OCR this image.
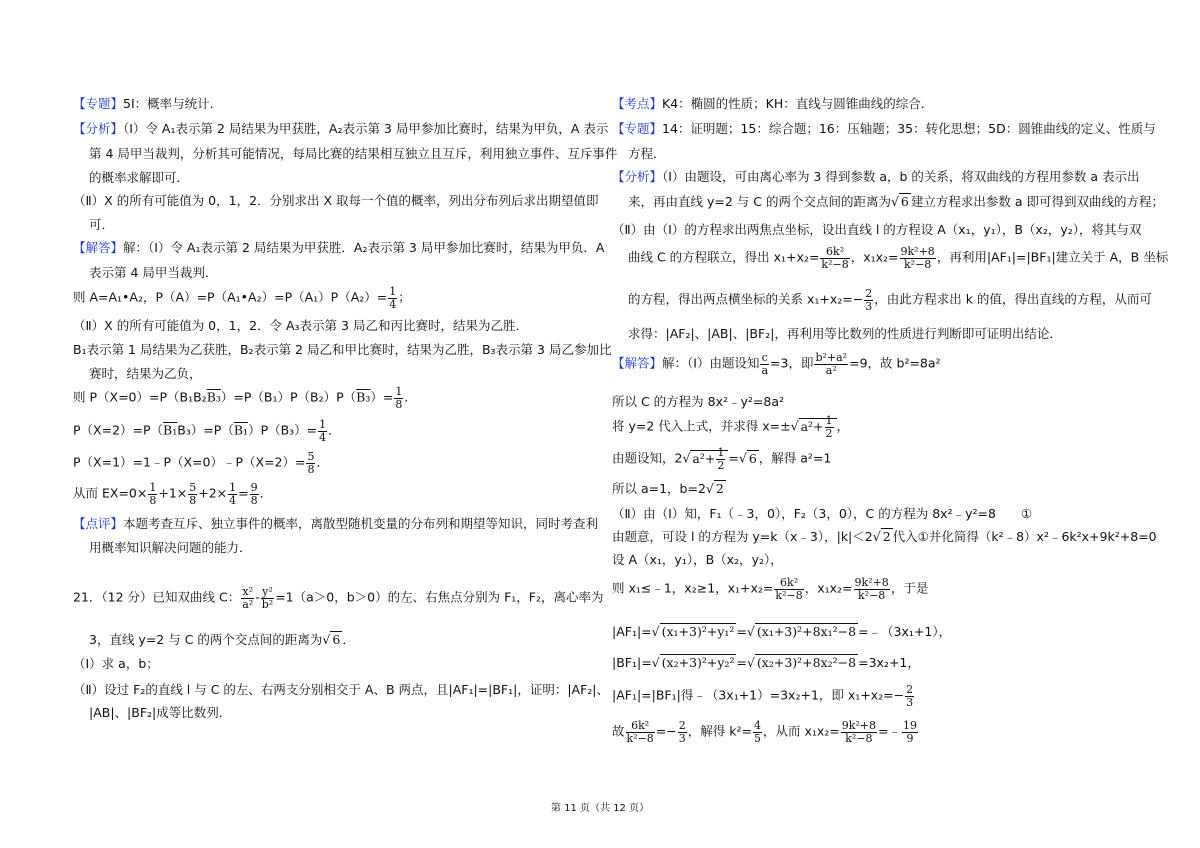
【专题】5I：概率与统计．
【分析】（Ⅰ）令 A₁表示第 2 局结果为甲获胜，A₂表示第 3 局甲参加比赛时，结果为甲负，A 表示
第 4 局甲当裁判，分析其可能情况，每局比赛的结果相互独立且互斥，利用独立事件、互斥事件
的概率求解即可．
（Ⅱ）X 的所有可能值为 0，1，2．分别求出 X 取每一个值的概率，列出分布列后求出期望值即
可．
【解答】解：（Ⅰ）令 A₁表示第 2 局结果为甲获胜．A₂表示第 3 局甲参加比赛时，结果为甲负．A
表示第 4 局甲当裁判．
则 A=A₁•A₂，P（A）=P（A₁•A₂）=P（A₁）P（A₂）= $\frac{1}{4}$ ；
（Ⅱ）X 的所有可能值为 0，1，2．令 A₃表示第 3 局乙和丙比赛时，结果为乙胜．
B₁表示第 1 局结果为乙获胜，B₂表示第 2 局乙和甲比赛时，结果为乙胜，B₃表示第 3 局乙参加比
赛时，结果为乙负，
则 $P(X=0)=P(B_1B_2B_3)=P(B_1)P(B_2)P(B_3)= \frac{1}{8}$ ．
$P(X=2)=P(B_1B_3)=P(B_1)P(B_3)= \frac{1}{4}$ ．
P（X=1）=1﹣P（X=0）﹣P（X=2）= $\frac{5}{8}$ ．
从而 $EX=0\times \frac{1}{8} +1\times \frac{5}{8} +2\times \frac{1}{4} = \frac{9}{8}$ ．
【点评】本题考查互斥、独立事件的概率，离散型随机变量的分布列和期望等知识，同时考查利
用概率知识解决问题的能力．
21．（12 分）已知双曲线 C： $\frac{\text{x²}}{\text{a²}} - \frac{\text{y²}}{\text{b²}} =1(a>0$，b＞0）的左、右焦点分别为 F₁，F₂，离心率为
3，直线 y=2 与 C 的两个交点间的距离为√ 6 ．
（Ⅰ）求 a，b；
（Ⅱ）设过 F₂的直线 l 与 C 的左、右两支分别相交于 A、B 两点，且|AF₁|=|BF₁|，证明：|AF₂|、
|AB|、|BF₂|成等比数列．
【考点】K4：椭圆的性质；KH：直线与圆锥曲线的综合．
【专题】14：证明题；15：综合题；16：压轴题；35：转化思想；5D：圆锥曲线的定义、性质与
方程．
【分析】（Ⅰ）由题设，可由离心率为 3 得到参数 a，b 的关系，将双曲线的方程用参数 a 表示出
来，再由直线 y=2 与 C 的两个交点间的距离为√ 6 建立方程求出参数 a 即可得到双曲线的方程；
（Ⅱ）由（Ⅰ）的方程求出两焦点坐标，设出直线 l 的方程设 A（x₁，y₁），B（x₂，y₂），将其与双
曲线 C 的方程联立，得出 $x_1+x_2= \frac{\text{6k²}}{\text{k²−8}}$ ，$x_1x_2= \frac{\text{9k²+8}}{\text{k²−8}}$ ，再利用|AF₁|=|BF₁|建立关于 A，B 坐标
的方程，得出两点横坐标的关系 $x_1+x_2=- \frac{2}{3}$ ，由此方程求出 k 的值，得出直线的方程，从而可
求得：|AF₂|、|AB|、|BF₂|，再利用等比数列的性质进行判断即可证明出结论．
【解答】解：（Ⅰ）由题设知 $\frac{c}{a} =3$，即 $\frac{\text{b²+a²}}{\text{a²}} =9$，故 b²=8a²
所以 C 的方程为 8x²﹣y²=8a²
将 y=2 代入上式，并求得 x=±√ $a^2+ \frac{1}{2}$ ，
由题设知，2√ $a^2+ \frac{1}{2}$ =√ 6 ，解得 a²=1
所以 a=1，b=2√ 2
（Ⅱ）由（Ⅰ）知，F₁（﹣3，0），F₂（3，0），C 的方程为 8x²﹣y²=8　　①
由题意，可设 l 的方程为 y=k（x﹣3），|k|＜2√ 2 代入①并化简得（k²﹣8）x²﹣6k²x+9k²+8=0
设 A（x₁，y₁），B（x₂，y₂），
则 x₁≤﹣1，x₂≥1，$x_1+x_2= \frac{\text{6k²}}{\text{k²−8}}$ ，$x_1x_2= \frac{\text{9k²+8}}{\text{k²−8}}$ ，于是
|AF₁|=√ (x₁+3)²+y₁² =√ (x₁+3)²+8x₁²−8 =﹣（3x₁+1），
|BF₁|=√ (x₂+3)²+y₂² =√ (x₂+3)²+8x₂²−8 =3x₂+1，
|AF₁|=|BF₁|得﹣（3x₁+1）=3x₂+1，即 $x_1+x_2=- \frac{2}{3}$
故 $\frac{\text{6k²}}{\text{k²−8}} =- \frac{2}{3}$ ，解得 $k^2= \frac{4}{5}$ ，从而 $x_1x_2= \frac{\text{9k²+8}}{\text{k²−8}}$ =﹣ $\frac{19}{9}$
第 11 页（共 12 页）
